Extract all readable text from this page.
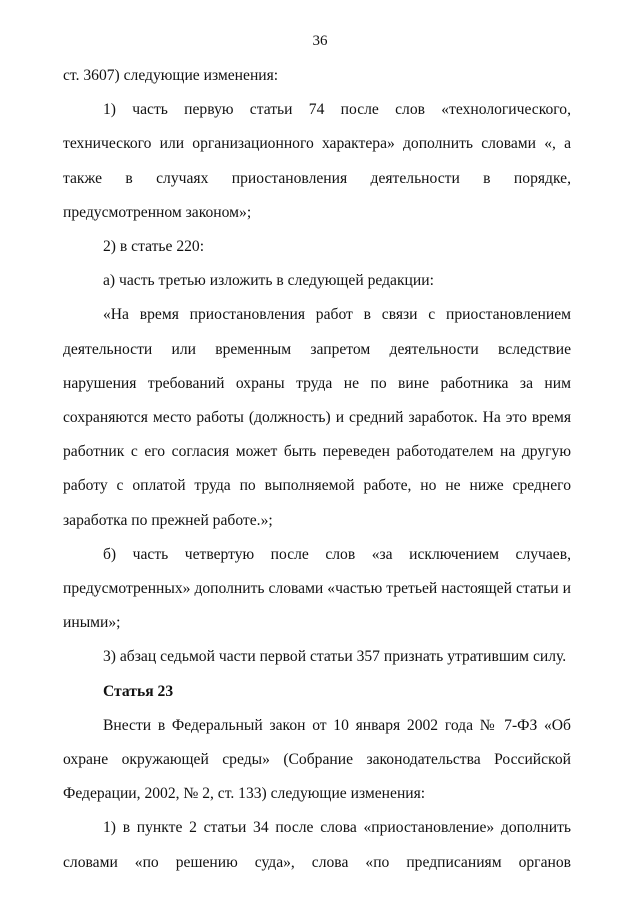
36

ст. 3607) следующие изменения:

1) часть первую статьи 74 после слов «технологического, технического или организационного характера» дополнить словами «, а также в случаях приостановления деятельности в порядке, предусмотренном законом»;

2) в статье 220:

а) часть третью изложить в следующей редакции:

«На время приостановления работ в связи с приостановлением деятельности или временным запретом деятельности вследствие нарушения требований охраны труда не по вине работника за ним сохраняются место работы (должность) и средний заработок. На это время работник с его согласия может быть переведен работодателем на другую работу с оплатой труда по выполняемой работе, но не ниже среднего заработка по прежней работе.»;

б) часть четвертую после слов «за исключением случаев, предусмотренных» дополнить словами «частью третьей настоящей статьи и иными»;

3) абзац седьмой части первой статьи 357 признать утратившим силу.

Статья 23

Внести в Федеральный закон от 10 января 2002 года № 7-ФЗ «Об охране окружающей среды» (Собрание законодательства Российской Федерации, 2002, № 2, ст. 133) следующие изменения:

1) в пункте 2 статьи 34 после слова «приостановление» дополнить словами «по решению суда», слова «по предписаниям органов
